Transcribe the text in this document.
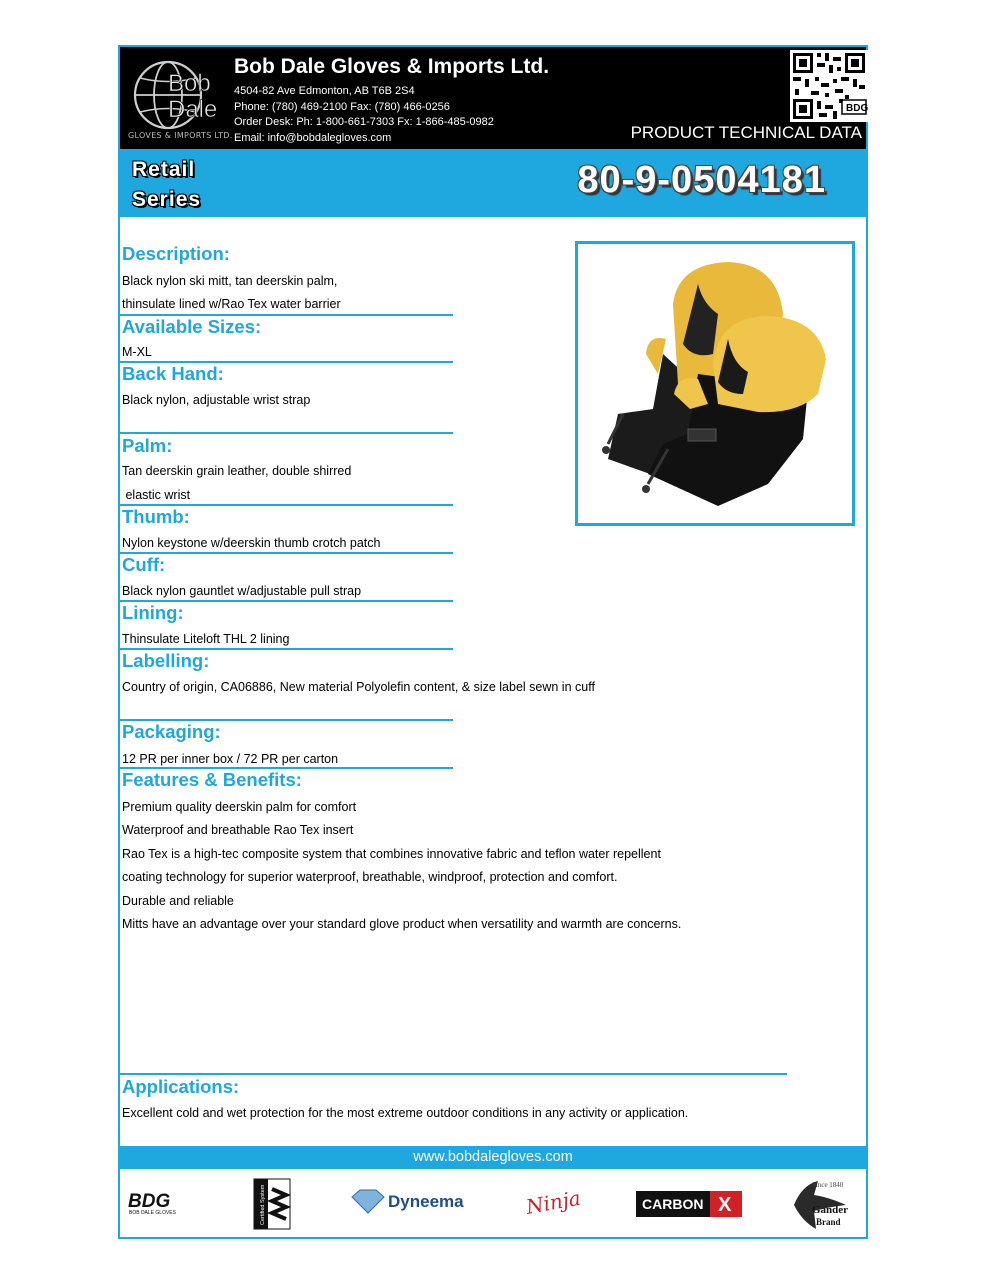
Bob
Dale
GLOVES & IMPORTS LTD.
Bob Dale Gloves & Imports Ltd.
4504-82 Ave Edmonton, AB T6B 2S4
Phone: (780) 469-2100 Fax: (780) 466-0256
Order Desk: Ph: 1-800-661-7303 Fx: 1-866-485-0982
Email: info@bobdalegloves.com
BDG
PRODUCT TECHNICAL DATA
Retail
Series	80-9-0504181
Description:
Black nylon ski mitt, tan deerskin palm,
thinsulate lined w/Rao Tex water barrier
Available Sizes:
M-XL
Back Hand:
Black nylon, adjustable wrist strap
Palm:
Tan deerskin grain leather, double shirred
elastic wrist
Thumb:
Nylon keystone w/deerskin thumb crotch patch
Cuff:
Black nylon gauntlet w/adjustable pull strap
Lining:
Thinsulate Liteloft THL 2 lining
Labelling:
Country of origin, CA06886, New material Polyolefin content, & size label sewn in cuff
Packaging:
12 PR per inner box / 72 PR per carton
Features & Benefits:
Premium quality deerskin palm for comfort
Waterproof and breathable Rao Tex insert
Rao Tex is a high-tec composite system that combines innovative fabric and teflon water repellent
coating technology for superior waterproof, breathable, windproof, protection and comfort.
Durable and reliable
Mitts have an advantage over your standard glove product when versatility and warmth are concerns.
Applications:
Excellent cold and wet protection for the most extreme outdoor conditions in any activity or application.
www.bobdalegloves.com
BDG
BOB DALE GLOVES	Certified System	Dyneema	Ninja	CARBON X
Since 1840
Gander
Brand
